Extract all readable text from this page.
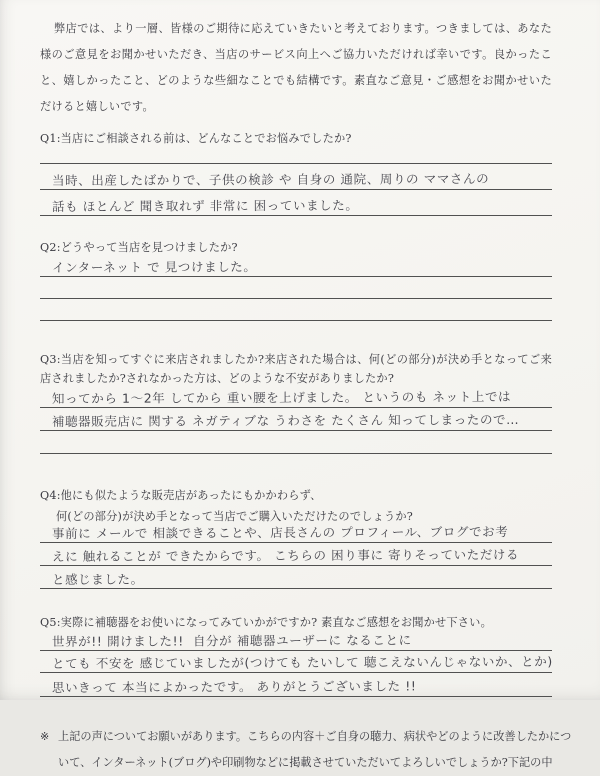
弊店では、より一層、皆様のご期待に応えていきたいと考えております。つきましては、あなた様のご意見をお聞かせいただき、当店のサービス向上へご協力いただければ幸いです。良かったこと、嬉しかったこと、どのような些細なことでも結構です。素直なご意見・ご感想をお聞かせいただけると嬉しいです。

Q1:当店にご相談される前は、どんなことでお悩みでしたか?

当時、出産したばかりで、子供の検診 や 自身の 通院、周りの ママさんの
話も ほとんど 聞き取れず 非常に 困っていました。

Q2:どうやって当店を見つけましたか?

インターネット で 見つけました。

Q3:当店を知ってすぐに来店されましたか?来店された場合は、何(どの部分)が決め手となってご来店されましたか?されなかった方は、どのような不安がありましたか?

知ってから 1〜2年 してから 重い腰を上げました。 というのも ネット上では
補聴器販売店に 関する ネガティブな うわさを たくさん 知ってしまったので…

Q4:他にも似たような販売店があったにもかかわらず、

何(どの部分)が決め手となって当店でご購入いただけたのでしょうか?

事前に メールで 相談できることや、店長さんの プロフィール、ブログでお考
えに 触れることが できたからです。 こちらの 困り事に 寄りそっていただける
と感じました。

Q5:実際に補聴器をお使いになってみていかがですか? 素直なご感想をお聞かせ下さい。

世界が!! 開けました!!  自分が 補聴器ユーザーに なることに
とても 不安を 感じていましたが(つけても たいして 聴こえないんじゃないか、とか)
思いきって 本当によかったです。 ありがとうございました !!
※ 上記の声についてお願いがあります。こちらの内容＋ご自身の聴力、病状やどのように改善したかにつ
いて、インターネット(ブログ)や印刷物などに掲載させていただいてよろしいでしょうか?下記の中
